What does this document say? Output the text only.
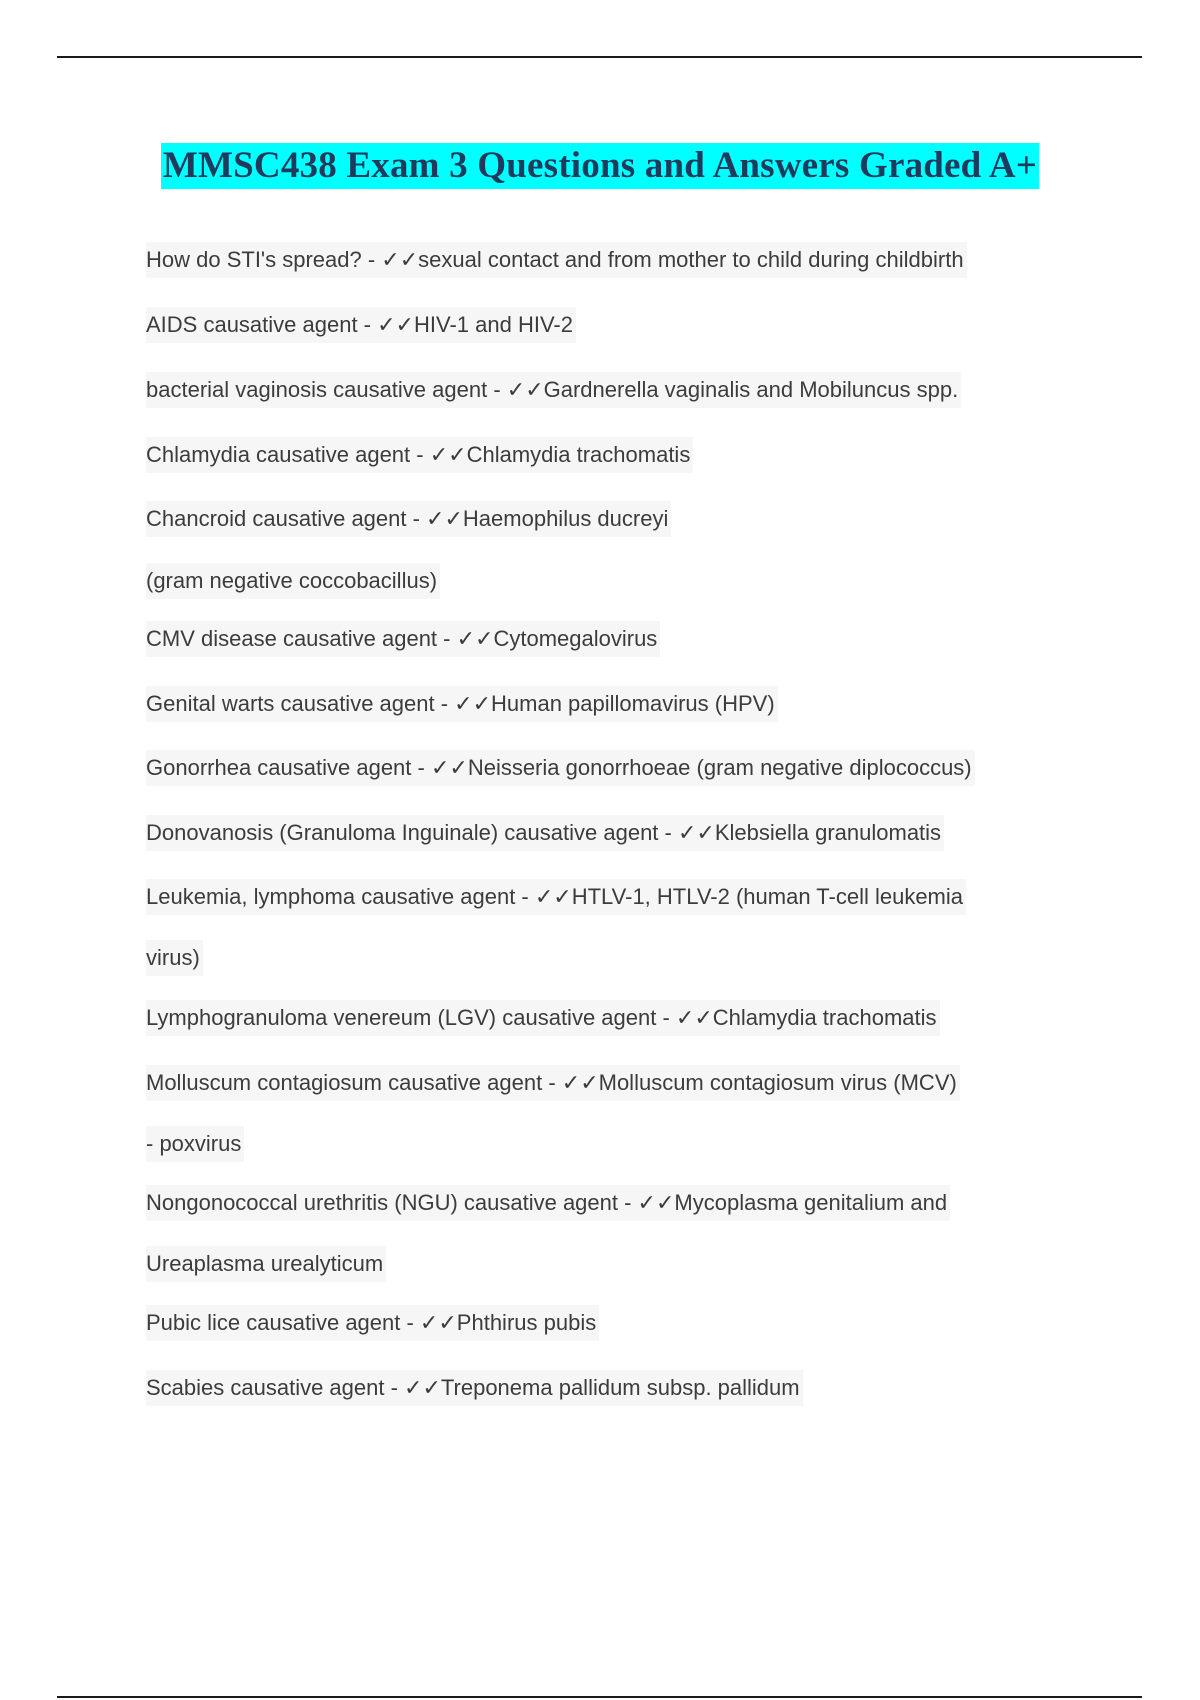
MMSC438 Exam 3 Questions and Answers Graded A+
How do STI's spread? - ✓✓sexual contact and from mother to child during childbirth
AIDS causative agent - ✓✓HIV-1 and HIV-2
bacterial vaginosis causative agent - ✓✓Gardnerella vaginalis and Mobiluncus spp.
Chlamydia causative agent - ✓✓Chlamydia trachomatis
Chancroid causative agent - ✓✓Haemophilus ducreyi
(gram negative coccobacillus)
CMV disease causative agent - ✓✓Cytomegalovirus
Genital warts causative agent - ✓✓Human papillomavirus (HPV)
Gonorrhea causative agent - ✓✓Neisseria gonorrhoeae (gram negative diplococcus)
Donovanosis (Granuloma Inguinale) causative agent - ✓✓Klebsiella granulomatis
Leukemia, lymphoma causative agent - ✓✓HTLV-1, HTLV-2 (human T-cell leukemia
virus)
Lymphogranuloma venereum (LGV) causative agent - ✓✓Chlamydia trachomatis
Molluscum contagiosum causative agent - ✓✓Molluscum contagiosum virus (MCV)
- poxvirus
Nongonococcal urethritis (NGU) causative agent - ✓✓Mycoplasma genitalium and
Ureaplasma urealyticum
Pubic lice causative agent - ✓✓Phthirus pubis
Scabies causative agent - ✓✓Treponema pallidum subsp. pallidum
